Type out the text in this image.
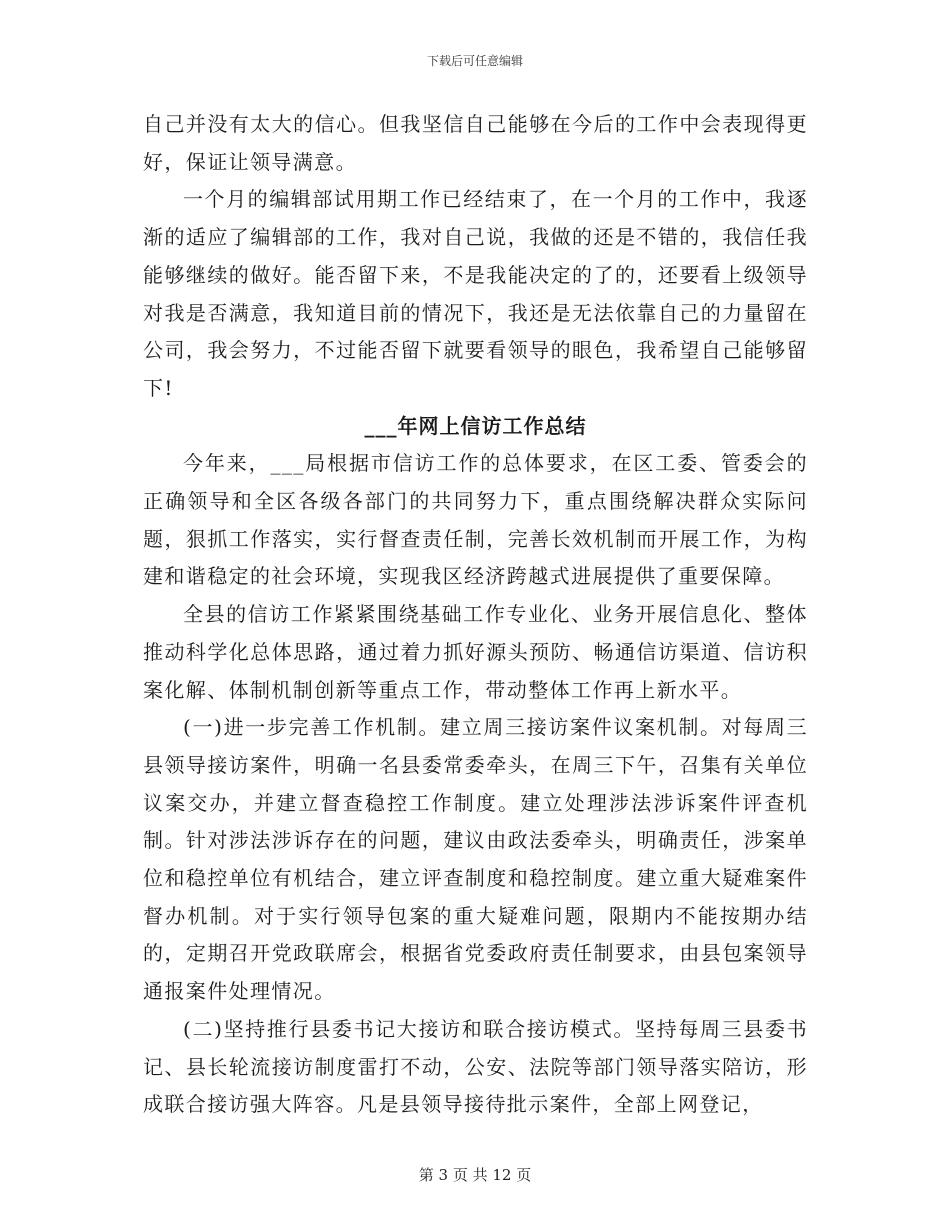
下载后可任意编辑

自己并没有太大的信心。但我坚信自己能够在今后的工作中会表现得更好，保证让领导满意。

一个月的编辑部试用期工作已经结束了，在一个月的工作中，我逐渐的适应了编辑部的工作，我对自己说，我做的还是不错的，我信任我能够继续的做好。能否留下来，不是我能决定的了的，还要看上级领导对我是否满意，我知道目前的情况下，我还是无法依靠自己的力量留在公司，我会努力，不过能否留下就要看领导的眼色，我希望自己能够留下!

___年网上信访工作总结

今年来，___局根据市信访工作的总体要求，在区工委、管委会的正确领导和全区各级各部门的共同努力下，重点围绕解决群众实际问题，狠抓工作落实，实行督查责任制，完善长效机制而开展工作，为构建和谐稳定的社会环境，实现我区经济跨越式进展提供了重要保障。

全县的信访工作紧紧围绕基础工作专业化、业务开展信息化、整体推动科学化总体思路，通过着力抓好源头预防、畅通信访渠道、信访积案化解、体制机制创新等重点工作，带动整体工作再上新水平。

(一)进一步完善工作机制。建立周三接访案件议案机制。对每周三县领导接访案件，明确一名县委常委牵头，在周三下午，召集有关单位议案交办，并建立督查稳控工作制度。建立处理涉法涉诉案件评查机制。针对涉法涉诉存在的问题，建议由政法委牵头，明确责任，涉案单位和稳控单位有机结合，建立评查制度和稳控制度。建立重大疑难案件督办机制。对于实行领导包案的重大疑难问题，限期内不能按期办结的，定期召开党政联席会，根据省党委政府责任制要求，由县包案领导通报案件处理情况。

(二)坚持推行县委书记大接访和联合接访模式。坚持每周三县委书记、县长轮流接访制度雷打不动，公安、法院等部门领导落实陪访，形成联合接访强大阵容。凡是县领导接待批示案件，全部上网登记，

第 3 页 共 12 页
